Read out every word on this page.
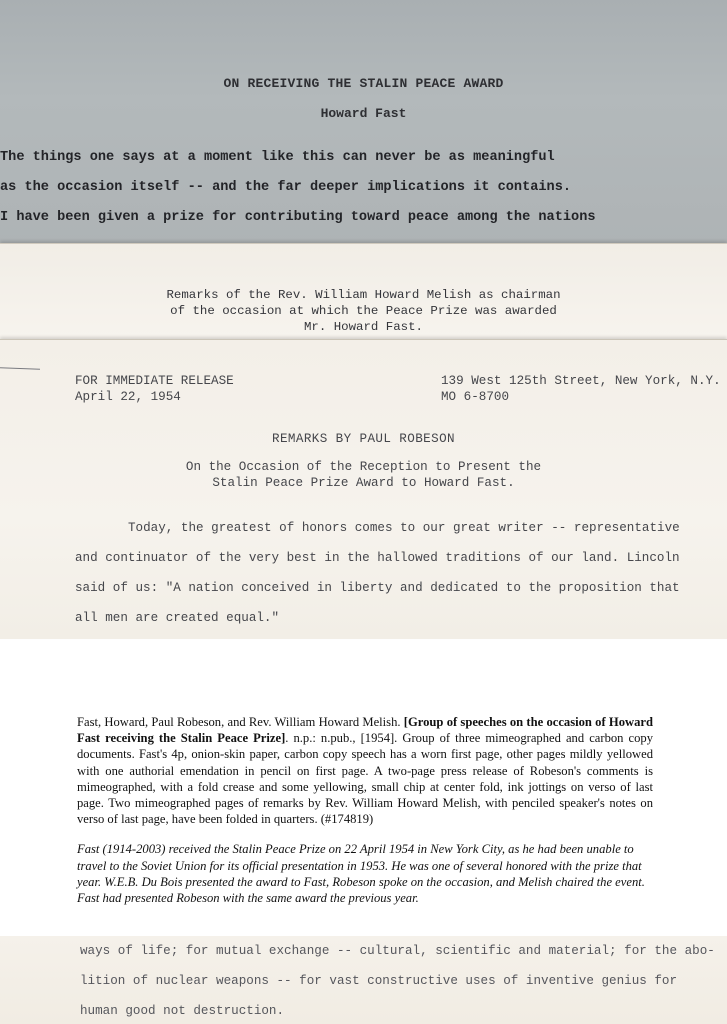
ON RECEIVING THE STALIN PEACE AWARD
Howard Fast
The things one says at a moment like this can never be as meaningful
as the occasion itself -- and the far deeper implications it contains.
I have been given a prize for contributing toward peace among the nations
Remarks of the Rev. William Howard Melish as chairman
of the occasion at which the Peace Prize was awarded
Mr. Howard Fast.
FOR IMMEDIATE RELEASE
April 22, 1954
139 West 125th Street, New York, N.Y.
MO 6-8700
REMARKS BY PAUL ROBESON
On the Occasion of the Reception to Present the
Stalin Peace Prize Award to Howard Fast.
Today, the greatest of honors comes to our great writer -- representative
and continuator of the very best in the hallowed traditions of our land. Lincoln
said of us: "A nation conceived in liberty and dedicated to the proposition that
all men are created equal."

Fast, Howard, Paul Robeson, and Rev. William Howard Melish. [Group of speeches on the occasion of Howard Fast receiving the Stalin Peace Prize]. n.p.: n.pub., [1954]. Group of three mimeographed and carbon copy documents. Fast's 4p, onion-skin paper, carbon copy speech has a worn first page, other pages mildly yellowed with one authorial emendation in pencil on first page. A two-page press release of Robeson's comments is mimeographed, with a fold crease and some yellowing, small chip at center fold, ink jottings on verso of last page. Two mimeographed pages of remarks by Rev. William Howard Melish, with penciled speaker's notes on verso of last page, have been folded in quarters. (#174819)

Fast (1914-2003) received the Stalin Peace Prize on 22 April 1954 in New York City, as he had been unable to travel to the Soviet Union for its official presentation in 1953. He was one of several honored with the prize that year. W.E.B. Du Bois presented the award to Fast, Robeson spoke on the occasion, and Melish chaired the event. Fast had presented Robeson with the same award the previous year.

ways of life; for mutual exchange -- cultural, scientific and material; for the abo-
lition of nuclear weapons -- for vast constructive uses of inventive genius for
human good not destruction.
